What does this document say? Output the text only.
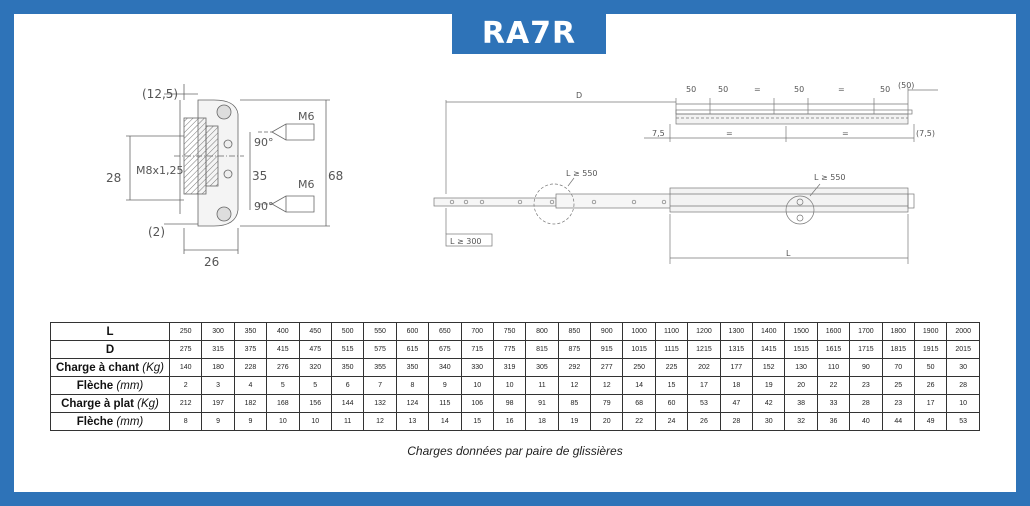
RA7R
(12,5)
28
M8x1,25	35	68
(2)
26
90°
M6
90°
M6
D
50	50	=	50	=	50 (50)
7,5	=	=	(7,5)
L ≥ 550	L ≥ 550
L ≥ 300
L
L	250	300	350	400	450	500	550	600	650	700	750	800	850	900	1000	1100	1200	1300	1400	1500	1600	1700	1800	1900	2000
D	275	315	375	415	475	515	575	615	675	715	775	815	875	915	1015	1115	1215	1315	1415	1515	1615	1715	1815	1915	2015
Charge à chant (Kg)	140	180	228	276	320	350	355	350	340	330	319	305	292	277	250	225	202	177	152	130	110	90	70	50	30
Flèche (mm)	2	3	4	5	5	6	7	8	9	10	10	11	12	12	14	15	17	18	19	20	22	23	25	26	28
Charge à plat (Kg)	212	197	182	168	156	144	132	124	115	106	98	91	85	79	68	60	53	47	42	38	33	28	23	17	10
Flèche (mm)	8	9	9	10	10	11	12	13	14	15	16	18	19	20	22	24	26	28	30	32	36	40	44	49	53
Charges données par paire de glissières
